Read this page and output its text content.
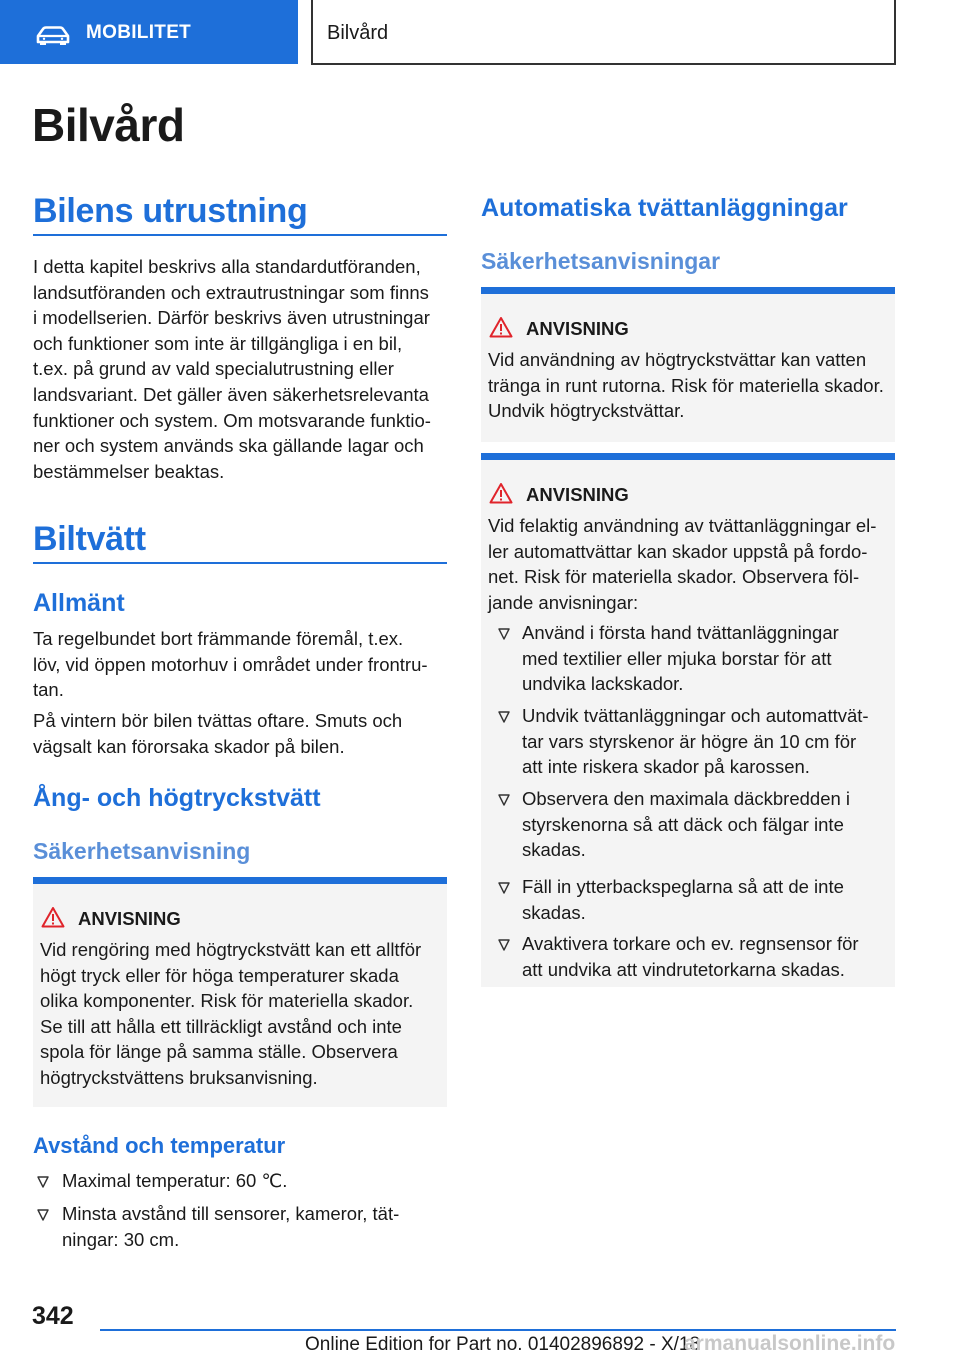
MOBILITET	Bilvård
Bilvård
Bilens utrustning
I detta kapitel beskrivs alla standardutföranden,
landsutföranden och extrautrustningar som finns
i modellserien. Därför beskrivs även utrustningar
och funktioner som inte är tillgängliga i en bil,
t.ex. på grund av vald specialutrustning eller
landsvariant. Det gäller även säkerhetsrelevanta
funktioner och system. Om motsvarande funktio-
ner och system används ska gällande lagar och
bestämmelser beaktas.
Biltvätt
Allmänt
Ta regelbundet bort främmande föremål, t.ex.
löv, vid öppen motorhuv i området under frontru-
tan.
På vintern bör bilen tvättas oftare. Smuts och
vägsalt kan förorsaka skador på bilen.
Ång- och högtryckstvätt
Säkerhetsanvisning
ANVISNING
Vid rengöring med högtryckstvätt kan ett alltför
högt tryck eller för höga temperaturer skada
olika komponenter. Risk för materiella skador.
Se till att hålla ett tillräckligt avstånd och inte
spola för länge på samma ställe. Observera
högtryckstvättens bruksanvisning.
Avstånd och temperatur
Maximal temperatur: 60 ℃.
Minsta avstånd till sensorer, kameror, tät-
ningar: 30 cm.
Automatiska tvättanläggningar
Säkerhetsanvisningar
ANVISNING
Vid användning av högtryckstvättar kan vatten
tränga in runt rutorna. Risk för materiella skador.
Undvik högtryckstvättar.
ANVISNING
Vid felaktig användning av tvättanläggningar el-
ler automattvättar kan skador uppstå på fordo-
net. Risk för materiella skador. Observera föl-
jande anvisningar:
Använd i första hand tvättanläggningar
med textilier eller mjuka borstar för att
undvika lackskador.
Undvik tvättanläggningar och automattvät-
tar vars styrskenor är högre än 10 cm för
att inte riskera skador på karossen.
Observera den maximala däckbredden i
styrskenorna så att däck och fälgar inte
skadas.
Fäll in ytterbackspeglarna så att de inte
skadas.
Avaktivera torkare och ev. regnsensor för
att undvika att vindrutetorkarna skadas.
342
Online Edition for Part no. 01402896892 - X/18
armanualsonline.info
